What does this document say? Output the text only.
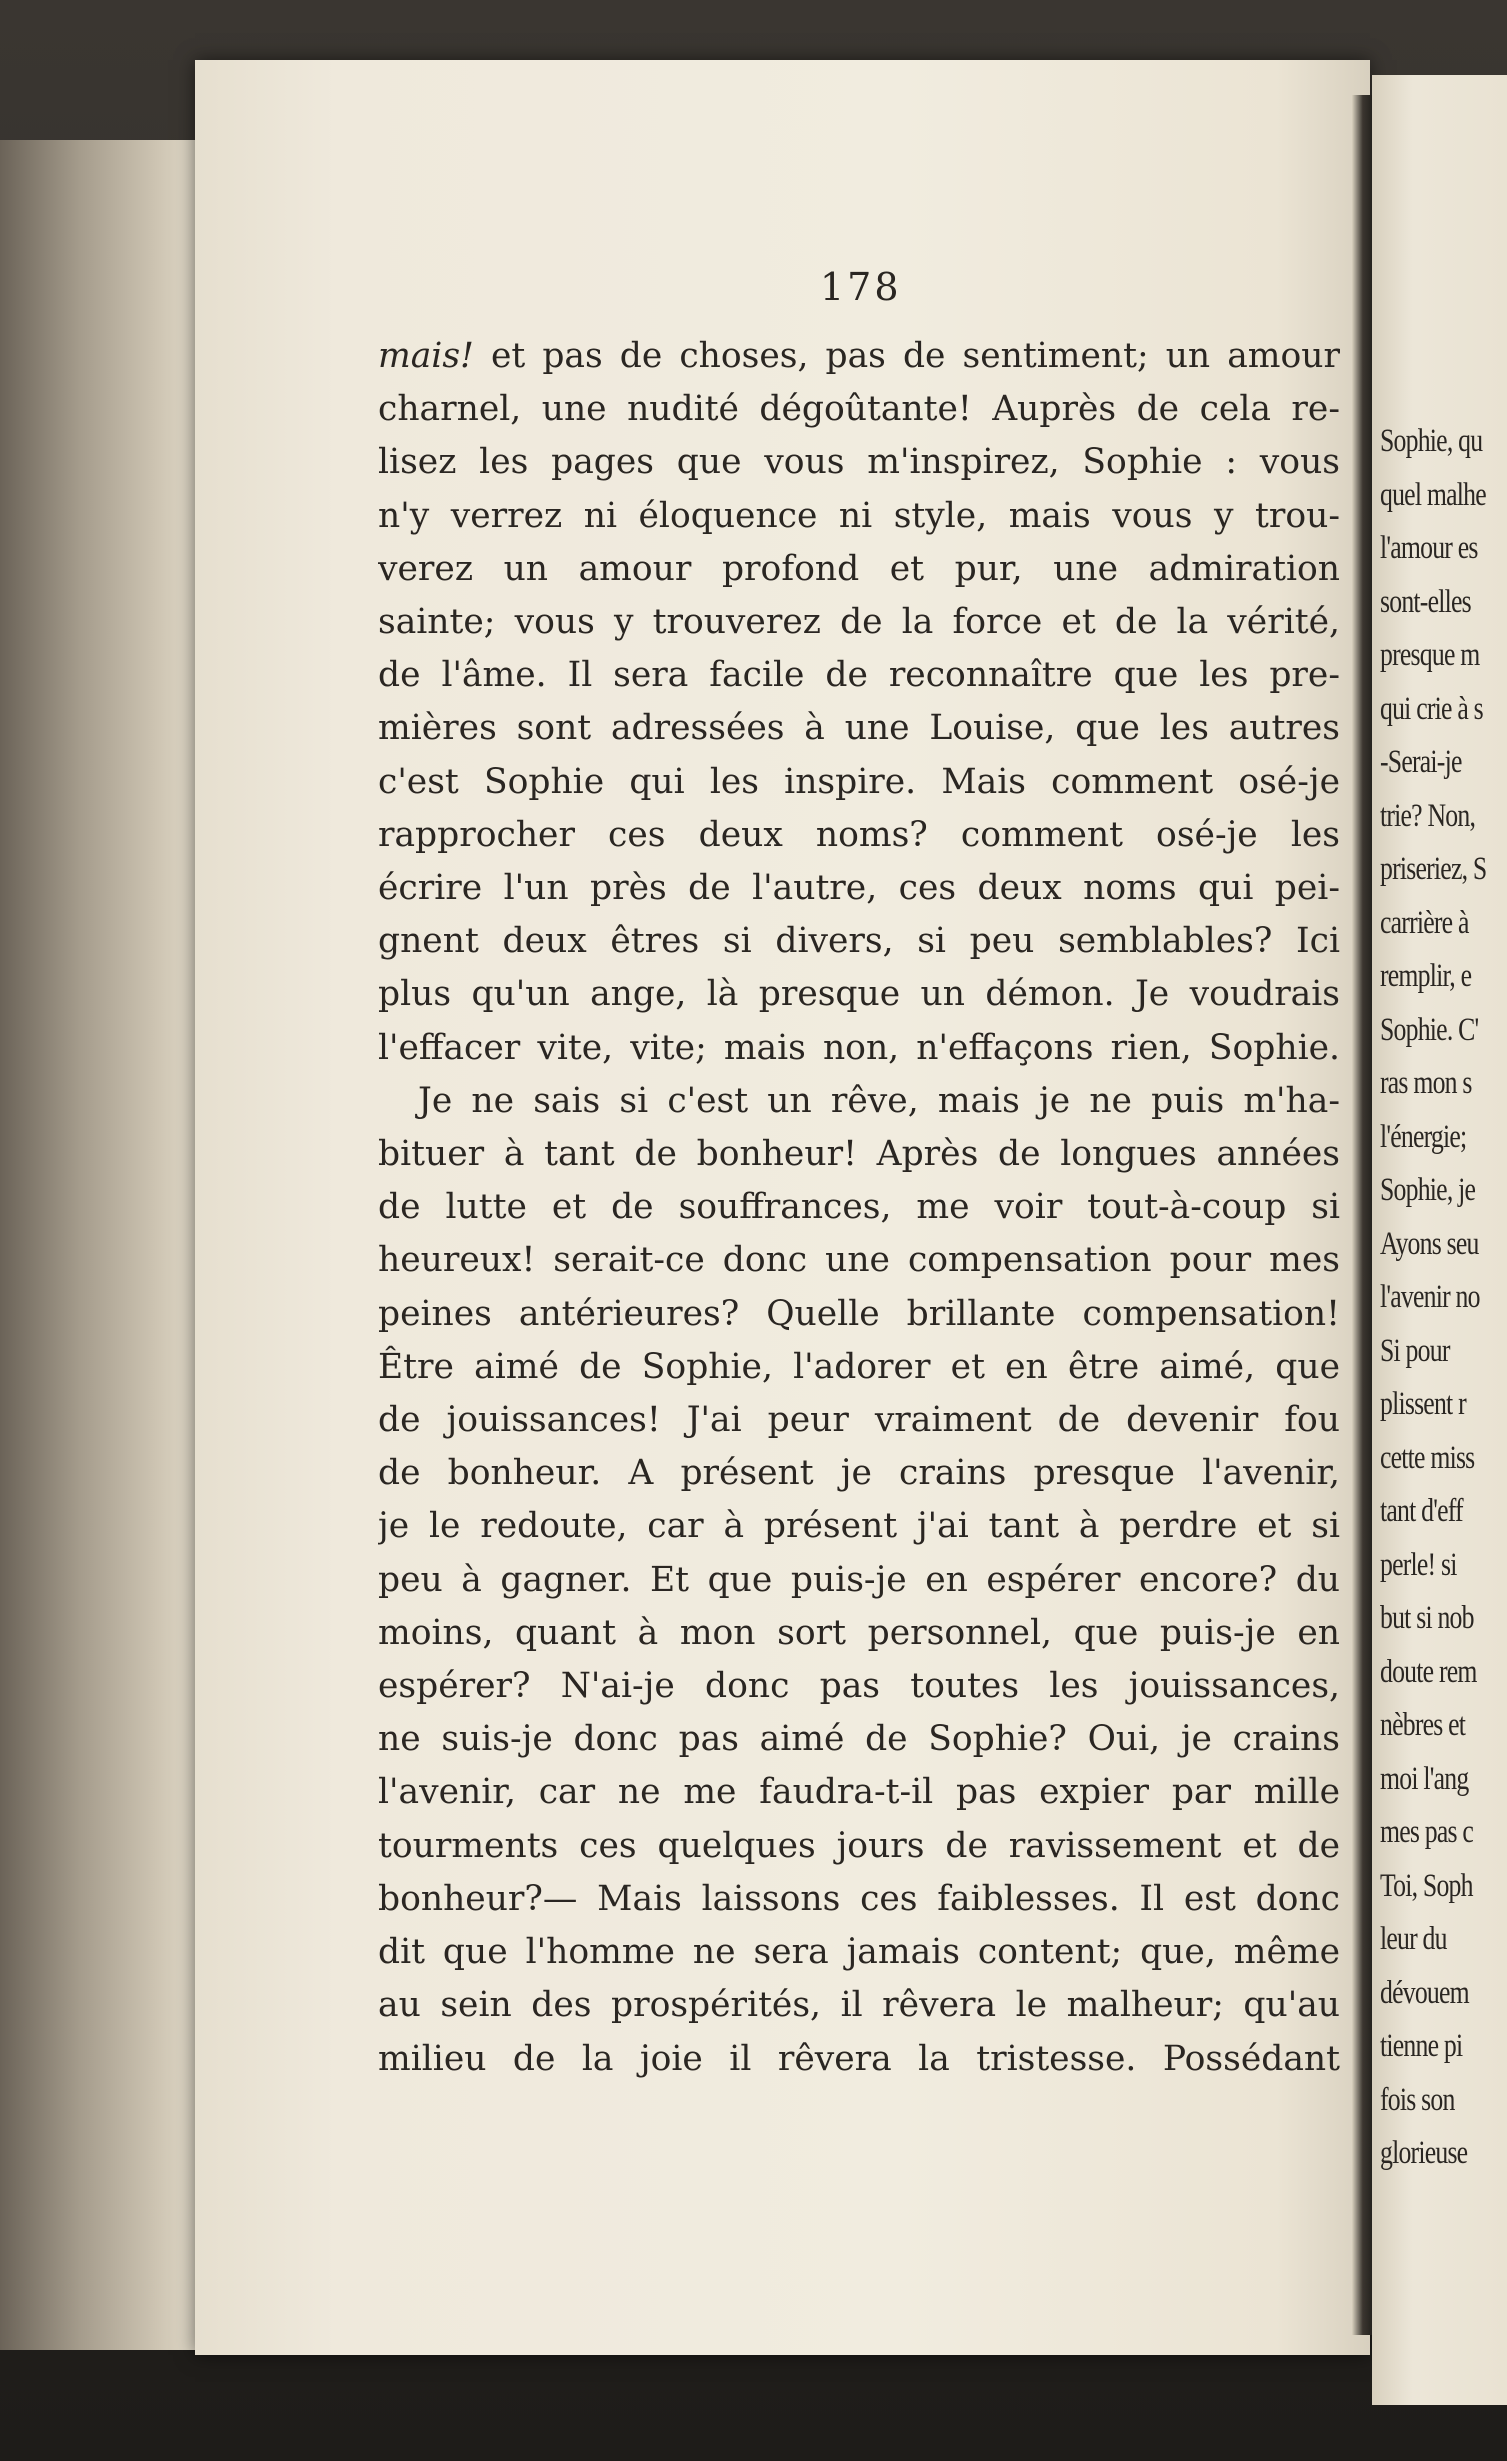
Sophie, qu
quel malhe
l'amour es
sont-elles
presque m
qui crie à s
-Serai-je
trie? Non,
priseriez, S
carrière à
remplir, e
Sophie. C'
ras mon s
l'énergie;
Sophie, je
Ayons seu
l'avenir no
Si pour
plissent r
cette miss
tant d'eff
perle! si
but si nob
doute rem
nèbres et
moi l'ang
mes pas c
Toi, Soph
leur du
dévouem
tienne pi
fois son
glorieuse
178
mais! et pas de choses, pas de sentiment; un amour
charnel, une nudité dégoûtante! Auprès de cela re-
lisez les pages que vous m'inspirez, Sophie : vous
n'y verrez ni éloquence ni style, mais vous y trou-
verez un amour profond et pur, une admiration
sainte; vous y trouverez de la force et de la vérité,
de l'âme. Il sera facile de reconnaître que les pre-
mières sont adressées à une Louise, que les autres
c'est Sophie qui les inspire. Mais comment osé-je
rapprocher ces deux noms? comment osé-je les
écrire l'un près de l'autre, ces deux noms qui pei-
gnent deux êtres si divers, si peu semblables? Ici
plus qu'un ange, là presque un démon. Je voudrais
l'effacer vite, vite; mais non, n'effaçons rien, Sophie.
Je ne sais si c'est un rêve, mais je ne puis m'ha-
bituer à tant de bonheur! Après de longues années
de lutte et de souffrances, me voir tout-à-coup si
heureux! serait-ce donc une compensation pour mes
peines antérieures? Quelle brillante compensation!
Être aimé de Sophie, l'adorer et en être aimé, que
de jouissances! J'ai peur vraiment de devenir fou
de bonheur. A présent je crains presque l'avenir,
je le redoute, car à présent j'ai tant à perdre et si
peu à gagner. Et que puis-je en espérer encore? du
moins, quant à mon sort personnel, que puis-je en
espérer? N'ai-je donc pas toutes les jouissances,
ne suis-je donc pas aimé de Sophie? Oui, je crains
l'avenir, car ne me faudra-t-il pas expier par mille
tourments ces quelques jours de ravissement et de
bonheur?— Mais laissons ces faiblesses. Il est donc
dit que l'homme ne sera jamais content; que, même
au sein des prospérités, il rêvera le malheur; qu'au
milieu de la joie il rêvera la tristesse. Possédant
